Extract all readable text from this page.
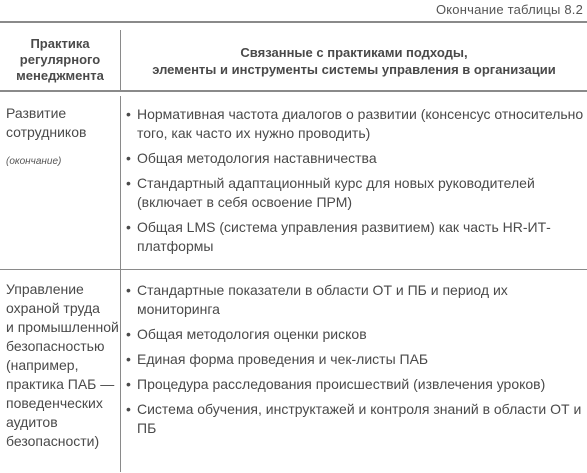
Окончание таблицы 8.2
Практика
регулярного
менеджмента
Связанные с практиками подходы,
элементы и инструменты системы управления в организации
Развитие
сотрудников
(окончание)
• Нормативная частота диалогов о развитии (консенсус относительно того, как часто их нужно проводить)
• Общая методология наставничества
• Стандартный адаптационный курс для новых руководителей (включает в себя освоение ПРМ)
• Общая LMS (система управления развитием) как часть HR-ИТ-платформы
Управление
охраной труда
и промышленной
безопасностью
(например,
практика ПАБ —
поведенческих
аудитов
безопасности)
• Стандартные показатели в области ОТ и ПБ и период их мониторинга
• Общая методология оценки рисков
• Единая форма проведения и чек-листы ПАБ
• Процедура расследования происшествий (извлечения уроков)
• Система обучения, инструктажей и контроля знаний в области ОТ и ПБ
